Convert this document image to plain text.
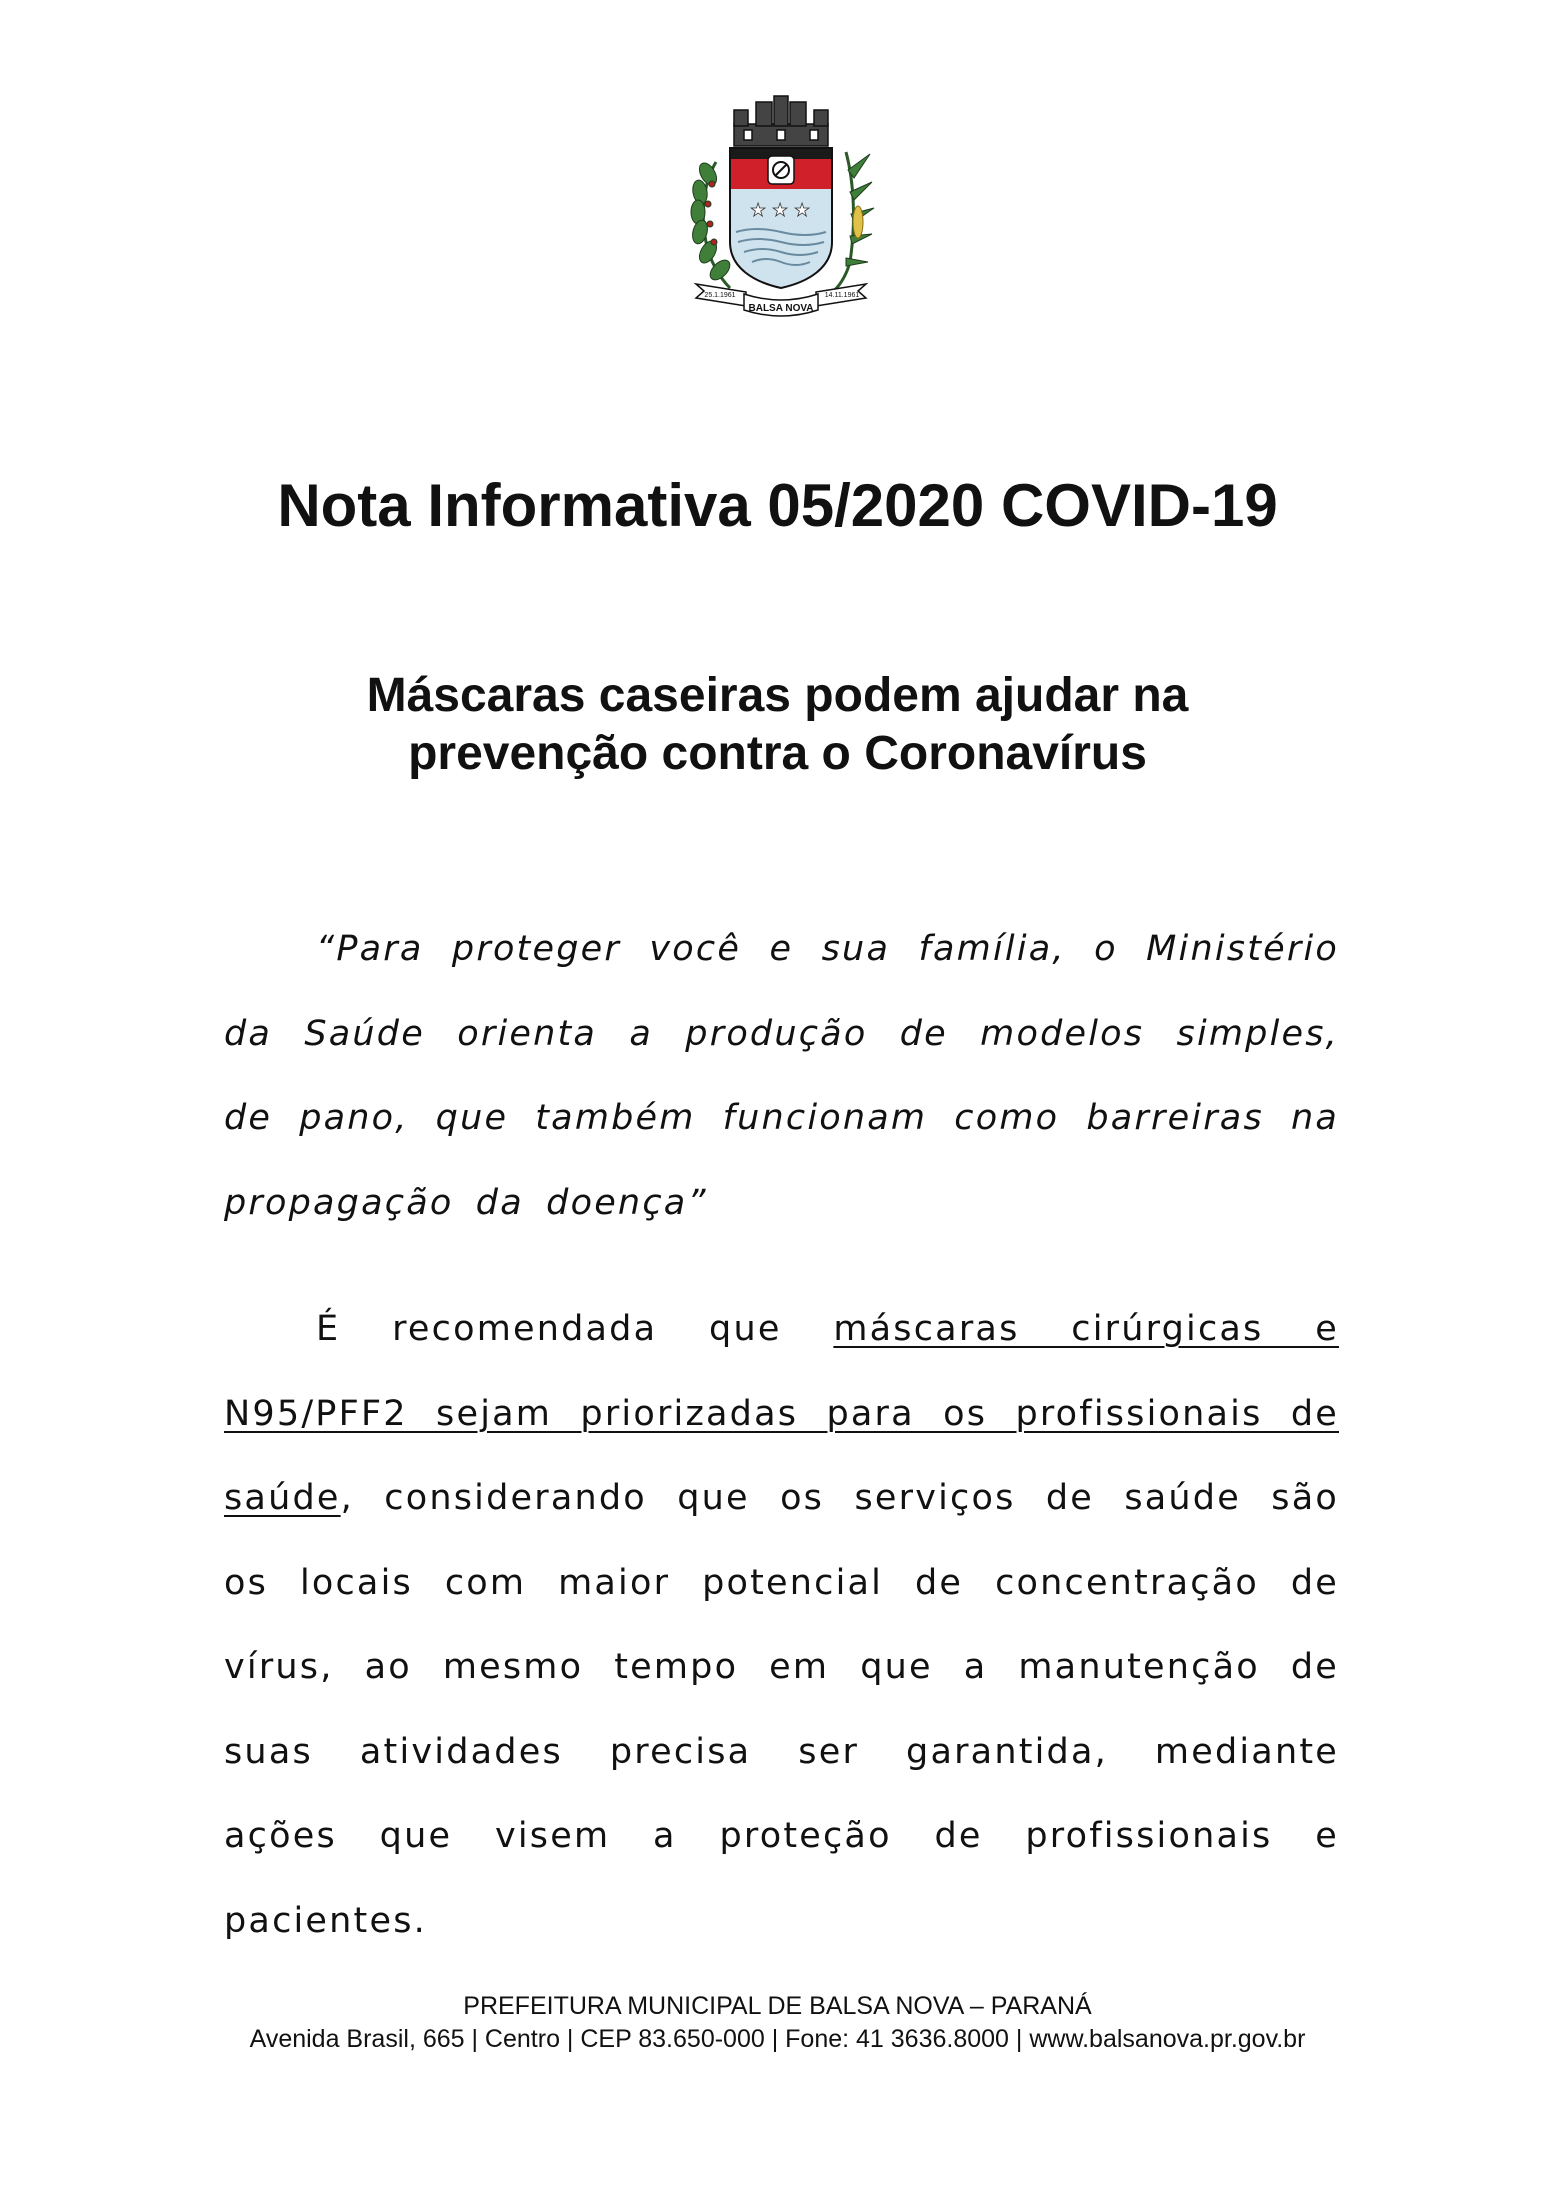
★ ★ ★
BALSA NOVA
25.1.1961	14.11.1961
Nota Informativa 05/2020 COVID-19
Máscaras caseiras podem ajudar na
prevenção contra o Coronavírus

“Para proteger você e sua família, o Ministério da Saúde orienta a produção de modelos simples, de pano, que também funcionam como barreiras na propagação da doença”

É recomendada que máscaras cirúrgicas e N95/PFF2 sejam priorizadas para os profissionais de saúde, considerando que os serviços de saúde são os locais com maior potencial de concentração de vírus, ao mesmo tempo em que a manutenção de suas atividades precisa ser garantida, mediante ações que visem a proteção de profissionais e pacientes.

PREFEITURA MUNICIPAL DE BALSA NOVA – PARANÁ
Avenida Brasil, 665 | Centro | CEP 83.650-000 | Fone: 41 3636.8000 | www.balsanova.pr.gov.br
